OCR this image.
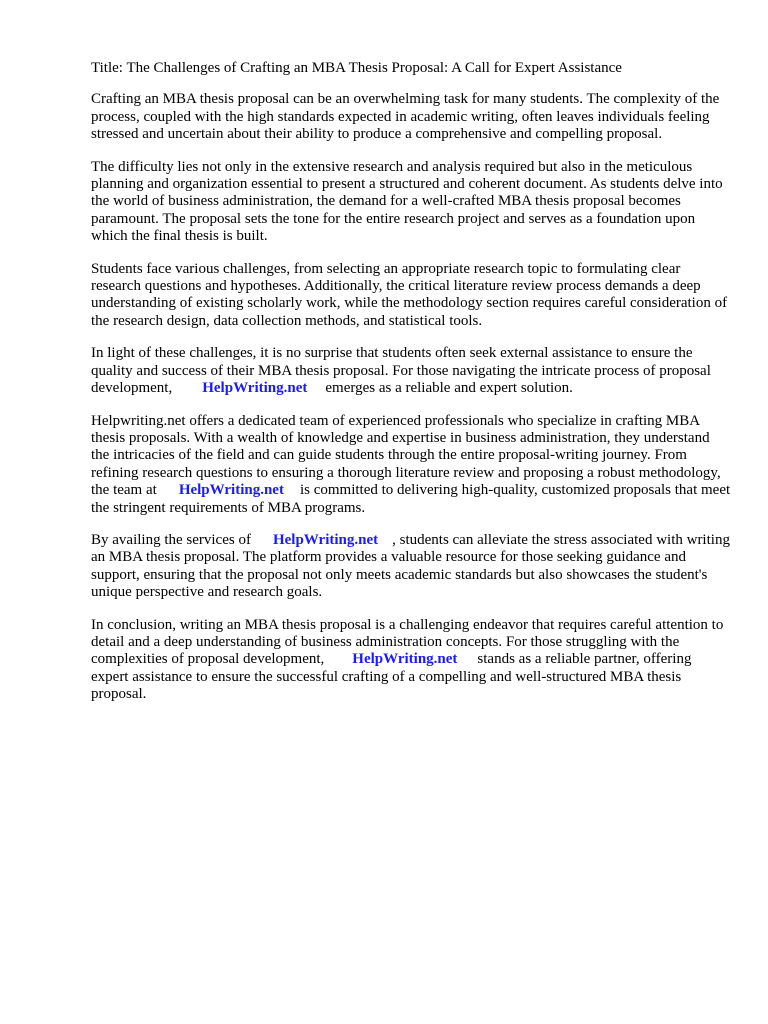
Title: The Challenges of Crafting an MBA Thesis Proposal: A Call for Expert Assistance

Crafting an MBA thesis proposal can be an overwhelming task for many students. The complexity of the process, coupled with the high standards expected in academic writing, often leaves individuals feeling stressed and uncertain about their ability to produce a comprehensive and compelling proposal.

The difficulty lies not only in the extensive research and analysis required but also in the meticulous planning and organization essential to present a structured and coherent document. As students delve into the world of business administration, the demand for a well-crafted MBA thesis proposal becomes paramount. The proposal sets the tone for the entire research project and serves as a foundation upon which the final thesis is built.

Students face various challenges, from selecting an appropriate research topic to formulating clear research questions and hypotheses. Additionally, the critical literature review process demands a deep understanding of existing scholarly work, while the methodology section requires careful consideration of the research design, data collection methods, and statistical tools.

In light of these challenges, it is no surprise that students often seek external assistance to ensure the quality and success of their MBA thesis proposal. For those navigating the intricate process of proposal development, HelpWriting.net emerges as a reliable and expert solution.

Helpwriting.net offers a dedicated team of experienced professionals who specialize in crafting MBA thesis proposals. With a wealth of knowledge and expertise in business administration, they understand the intricacies of the field and can guide students through the entire proposal-writing journey. From refining research questions to ensuring a thorough literature review and proposing a robust methodology, the team at HelpWriting.net is committed to delivering high-quality, customized proposals that meet the stringent requirements of MBA programs.

By availing the services of HelpWriting.net , students can alleviate the stress associated with writing an MBA thesis proposal. The platform provides a valuable resource for those seeking guidance and support, ensuring that the proposal not only meets academic standards but also showcases the student's unique perspective and research goals.

In conclusion, writing an MBA thesis proposal is a challenging endeavor that requires careful attention to detail and a deep understanding of business administration concepts. For those struggling with the complexities of proposal development, HelpWriting.net stands as a reliable partner, offering expert assistance to ensure the successful crafting of a compelling and well-structured MBA thesis proposal.
